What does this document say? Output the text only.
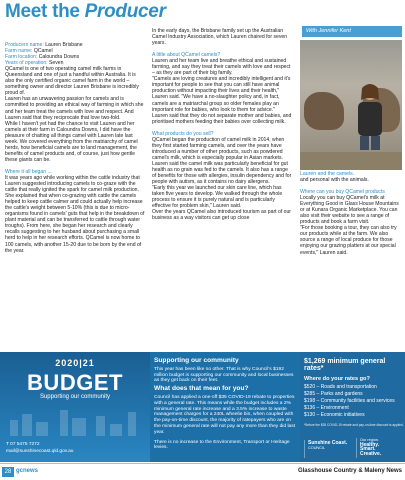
Meet the Producer
With Jennifer Kent

Producers name: Lauren Brisbane

Farm name: QCamel

Farm location: Caloundra Downs

Years of operation: Seven

QCamel is one of two operating camel milk farms in Queensland and one of just a handful within Australia. It is also the only certified organic camel farm in the world – something owner and director Lauren Brisbane is incredibly proud of.

Lauren has an unwavering passion for camels and is committed to providing an ethical way of farming in which she and her team treat the camels with love and respect. And Lauren said that they reciprocate that love two-fold.

While I haven't yet had the chance to visit Lauren and her camels at their farm in Caloundra Downs, I did have the pleasure of chatting all things camel with Lauren late last week. We covered everything from the matriarchy of camel herds, how beneficial camels are to land management, the benefits of camel products and, of course, just how gentle these giants can be.

Where it all began ...

It was years ago while working within the cattle industry that Lauren suggested introducing camels to co-graze with the cattle that really ignited the spark for camel milk production. She explained that when co-grazing with cattle the camels helped to keep cattle calmer and could actually help increase the cattle's weight between 5-10% (this is due to micro-organisms found in camels' guts that help in the breakdown of plant material and can be transferred to cattle through water troughs). From here, she began her research and clearly recalls suggesting to her husband about purchasing a small herd to help in her research efforts. QCamel is now home to 100 camels, with another 15-20 due to be born by the end of the year.

In the early days, the Brisbane family set up the Australian Camel Industry Association, which Lauren chaired for seven years.

A little about QCamel camels?

Lauren and her team live and breathe ethical and sustained farming, and say they treat their camels with love and respect – as they are part of their big family.

"Camels are loving creatures and incredibly intelligent and it's important for people to see that you can still have animal production without impacting their lives and their health," Lauren said. "We have a no-slaughter policy and, in fact, camels are a matriarchal group so older females play an important role for babies, who look to them for advice."

Lauren said that they do not separate mother and babies, and prioritised mothers feeding their babies over collecting milk.

What products do you sell?

QCamel began the production of camel milk in 2014, when they first started farming camels, and over the years have introduced a number of other products, such as powdered camel's milk, which is especially popular in Asian markets.

Lauren said the camel milk was particularly beneficial for gut health as no grain was fed to the camels. It also has a range of benefits for those with allergies, insulin dependency and for people with autism, as it contains no dairy allergens.

"Early this year we launched our skin care line, which has taken five years to develop. We walked through the whole process to ensure it is purely natural and is particularly effective for problem skin," Lauren said.

Over the years QCamel also introduced tourism as part of our business as a way visitors can get up close

Lauren and the camels.

and personal with the animals.

Where can you buy QCamel products

Locally you can buy QCamel's milk at Everything Good in Glass House Mountains or at Kunara Organic Marketplace. You can also visit their website to see a range of products and book a farm visit.

"For those booking a tour, they can also try our products while at the farm. We also source a range of local produce for those enjoying our grazing platters at our special events," Lauren said.

2020|21
BUDGET
Supporting our community
T 07 5475 7272
mail@sunshinecoast.qld.gov.au
Supporting our community

This year has been like no other. That is why Council's $192 million budget is supporting our community and local businesses as they get back on their feet.

What does that mean for you?

Council has applied a one-off $35 COVID-19 rebate to properties with a general rate. This means while the budget includes a 2% minimum general rate increase and a 3.5% increase to waste management charges for a 240L wheelie bin, when coupled with the pay-on-time discount, the majority of ratepayers who are on the minimum general rate will not pay any more than they did last year.

There is no increase to the Environment, Transport or Heritage levies.

$1,269 minimum general rates*
Where do your rates go?
$520 – Roads and transportation
$285 – Parks and gardens
$198 – Community facilities and services
$136 – Environment
$130 – Economic initiatives
*Before the $35 COVID-19 rebate and pay-on-time discount is applied.
Sunshine Coast.
COUNCIL
Our region.
Healthy.
Smart.
Creative.
28 gcnews	Glasshouse Country & Maleny News
